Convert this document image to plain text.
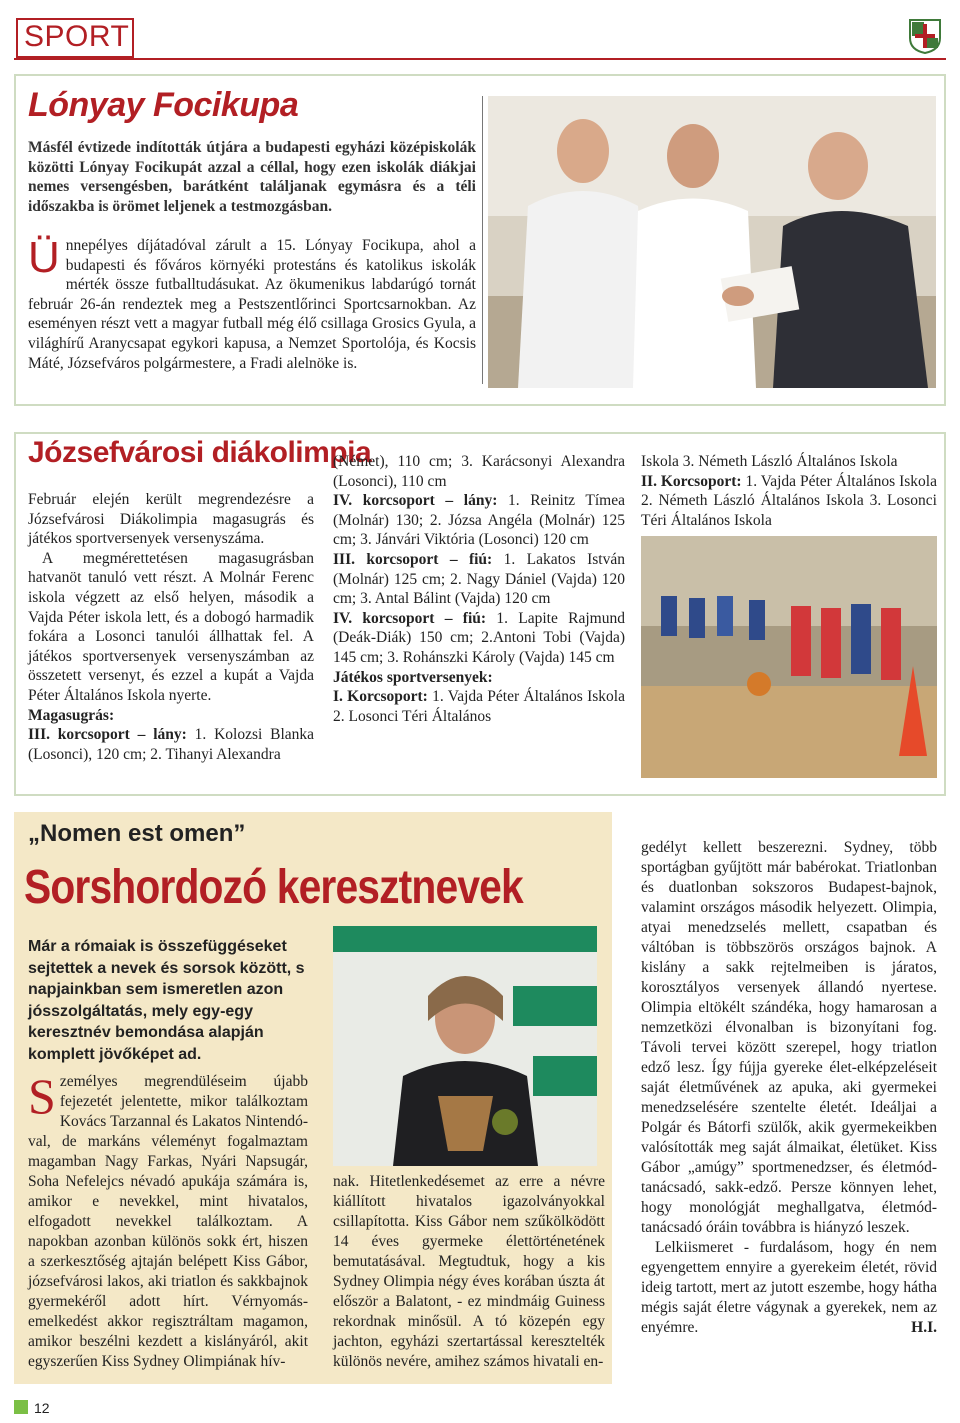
SPORT
Lónyay Focikupa

Másfél évtizede indították útjára a budapesti egyházi középiskolák közötti Lónyay Focikupát azzal a céllal, hogy ezen iskolák diákjai nemes versengésben, barátként találjanak egymásra és a téli időszakba is örömet leljenek a testmozgásban.

Ü nnepélyes díjátadóval zárult a 15. Lónyay Focikupa, ahol a budapesti és főváros környéki protestáns és katolikus iskolák mérték össze futballtudásukat. Az ökumenikus labdarúgó tornát február 26-án rendeztek meg a Pestszentlőrinci Sportcsarnokban. Az eseményen részt vett a magyar futball még élő csillaga Grosics Gyula, a világhírű Aranycsapat egykori kapusa, a Nemzet Sportolója, és Kocsis Máté, Józsefváros polgármestere, a Fradi alelnöke is.
Józsefvárosi diákolimpia

Február elején került megrendezésre a Józsefvárosi Diákolimpia magasugrás és játékos sportversenyek versenyszáma.

A megmérettetésen magasugrásban hatvanöt tanuló vett részt. A Molnár Ferenc iskola végzett az első helyen, második a Vajda Péter iskola lett, és a dobogó harmadik fokára a Losonci tanulói állhattak fel. A játékos sportversenyek versenyszámban az összetett versenyt, és ezzel a kupát a Vajda Péter Általános Iskola nyerte.

Magasugrás:

III. korcsoport – lány: 1. Kolozsi Blanka (Losonci), 120 cm; 2. Tihanyi Alexandra

(Német), 110 cm; 3. Karácsonyi Alexandra (Losonci), 110 cm

IV. korcsoport – lány: 1. Reinitz Tímea (Molnár) 130; 2. Józsa Angéla (Molnár) 125 cm; 3. Jánvári Viktória (Losonci) 120 cm

III. korcsoport – fiú: 1. Lakatos István (Molnár) 125 cm; 2. Nagy Dániel (Vajda) 120 cm; 3. Antal Bálint (Vajda) 120 cm

IV. korcsoport – fiú: 1. Lapite Rajmund (Deák-Diák) 150 cm; 2.Antoni Tobi (Vajda) 145 cm; 3. Rohánszki Károly (Vajda) 145 cm

Játékos sportversenyek:

I. Korcsoport: 1. Vajda Péter Általános Iskola 2. Losonci Téri Általános

Iskola 3. Németh László Általános Iskola

II. Korcsoport: 1. Vajda Péter Általános Iskola 2. Németh László Általános Iskola 3. Losonci Téri Általános Iskola

„Nomen est omen”
Sorshordozó keresztnevek

Már a rómaiak is összefüggéseket sejtettek a nevek és sorsok között, s napjainkban sem ismeretlen azon jósszolgáltatás, mely egy-egy keresztnév bemondása alapján komplett jövőképet ad.

S zemélyes megrendüléseim újabb fejezetét jelentette, mikor találkoztam Kovács Tarzannal és Lakatos Nintendó-val, de markáns véleményt fogalmaztam magamban Nagy Farkas, Nyári Napsugár, Soha Nefelejcs névadó apukája számára is, amikor e nevekkel, mint hivatalos, elfogadott nevekkel találkoztam. A napokban azonban különös sokk ért, hiszen a szerkesztőség ajtaján belépett Kiss Gábor, józsefvárosi lakos, aki triatlon és sakkbajnok gyermekéről adott hírt. Vérnyomás-emelkedést akkor regisztráltam magamon, amikor beszélni kezdett a kislányáról, akit egyszerűen Kiss Sydney Olimpiának hív-
nak. Hitetlenkedésemet az erre a névre kiállított hivatalos igazolványokkal csillapította. Kiss Gábor nem szűkölködött 14 éves gyermeke élettörténetének bemutatásával. Megtudtuk, hogy a kis Sydney Olimpia négy éves korában úszta át először a Balatont, - ez mindmáig Guiness rekordnak minősül. A tó közepén egy jachton, egyházi szertartással keresztelték különös nevére, amihez számos hivatali en-

gedélyt kellett beszerezni. Sydney, több sportágban gyűjtött már babérokat. Triatlonban és duatlonban sokszoros Budapest-bajnok, valamint országos második helyezett. Olimpia, atyai menedzselés mellett, csapatban és váltóban is többszörös országos bajnok. A kislány a sakk rejtelmeiben is járatos, korosztályos versenyek állandó nyertese. Olimpia eltökélt szándéka, hogy hamarosan a nemzetközi élvonalban is bizonyítani fog. Távoli tervei között szerepel, hogy triatlon edző lesz. Így fújja gyereke élet-elképzeléseit saját életművének az apuka, aki gyermekei menedzselésére szentelte életét. Ideáljai a Polgár és Bátorfi szülők, akik gyermekeikben valósították meg saját álmaikat, életüket. Kiss Gábor „amúgy” sportmenedzser, és életmód-tanácsadó, sakk-edző. Persze könnyen lehet, hogy monológját meghallgatva, életmód-tanácsadó óráin továbbra is hiányzó leszek.

Lelkiismeret - furdalásom, hogy én nem egyengettem ennyire a gyerekeim életét, rövid ideig tartott, mert az jutott eszembe, hogy hátha mégis saját életre vágynak a gyerekek, nem az enyémre.	H.I.

12
